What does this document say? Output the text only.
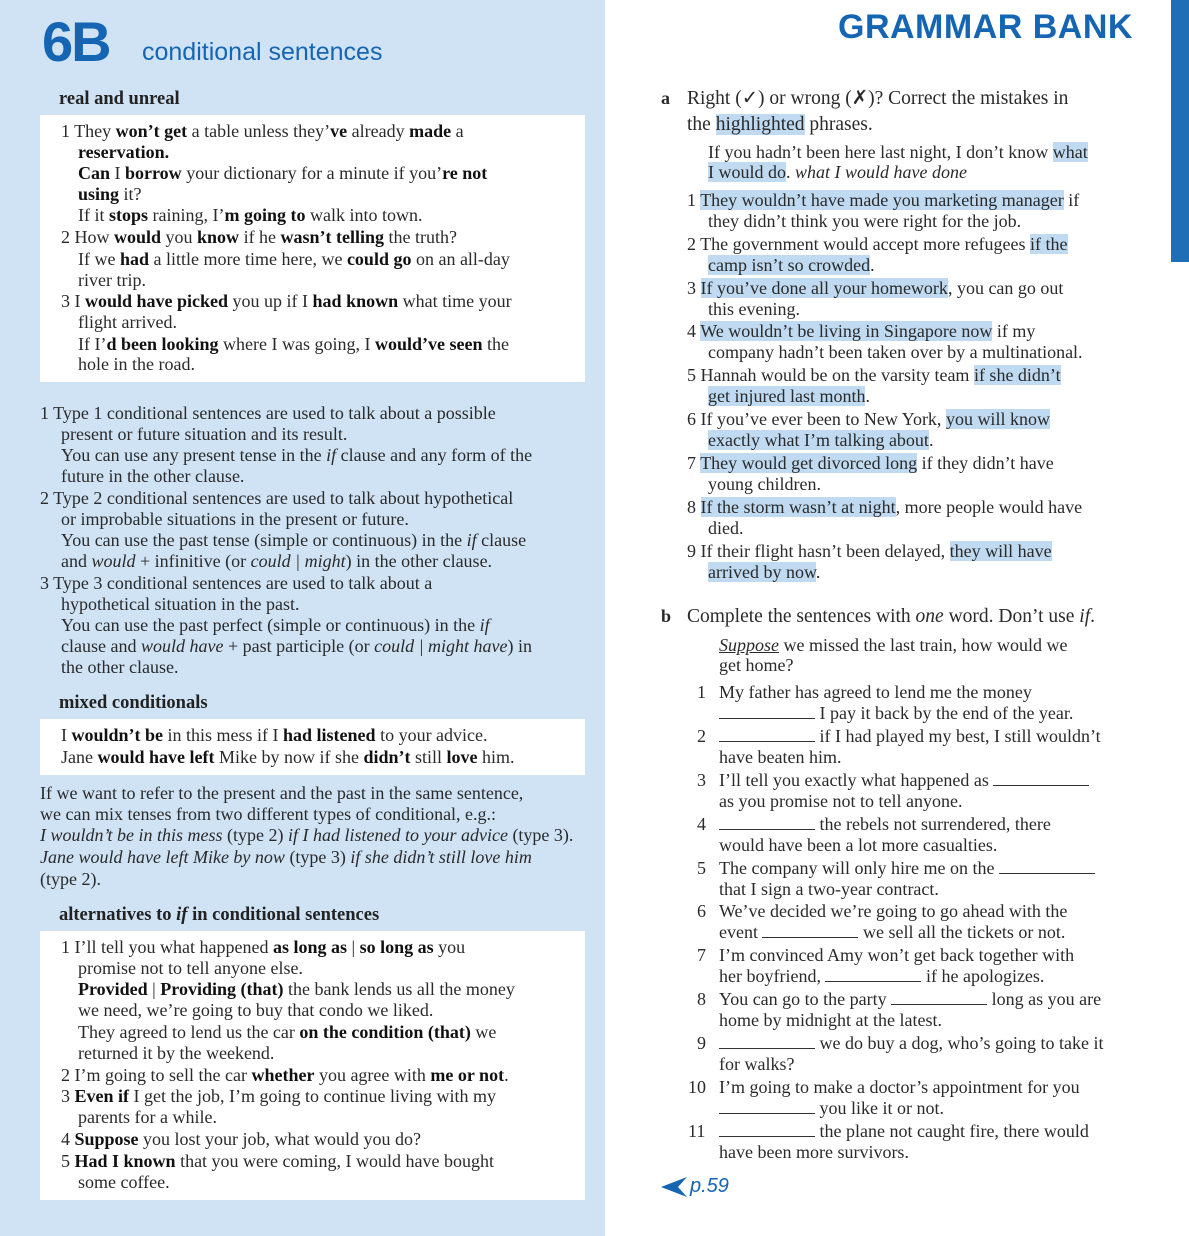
6B conditional sentences
GRAMMAR BANK
real and unreal
mixed conditionals
alternatives to if in conditional sentences
1 They won’t get a table unless they’ve already made a
reservation.
Can I borrow your dictionary for a minute if you’re not
using it?
If it stops raining, I’m going to walk into town.
2 How would you know if he wasn’t telling the truth?
If we had a little more time here, we could go on an all-day
river trip.
3 I would have picked you up if I had known what time your
flight arrived.
If I’d been looking where I was going, I would’ve seen the
hole in the road.
1 Type 1 conditional sentences are used to talk about a possible
present or future situation and its result.
You can use any present tense in the if clause and any form of the
future in the other clause.
2 Type 2 conditional sentences are used to talk about hypothetical
or improbable situations in the present or future.
You can use the past tense (simple or continuous) in the if clause
and would + infinitive (or could | might) in the other clause.
3 Type 3 conditional sentences are used to talk about a
hypothetical situation in the past.
You can use the past perfect (simple or continuous) in the if
clause and would have + past participle (or could | might have) in
the other clause.
I wouldn’t be in this mess if I had listened to your advice.
Jane would have left Mike by now if she didn’t still love him.
If we want to refer to the present and the past in the same sentence,
we can mix tenses from two different types of conditional, e.g.:
I wouldn’t be in this mess (type 2) if I had listened to your advice (type 3).
Jane would have left Mike by now (type 3) if she didn’t still love him
(type 2).
1 I’ll tell you what happened as long as | so long as you
promise not to tell anyone else.
Provided | Providing (that) the bank lends us all the money
we need, we’re going to buy that condo we liked.
They agreed to lend us the car on the condition (that) we
returned it by the weekend.
2 I’m going to sell the car whether you agree with me or not.
3 Even if I get the job, I’m going to continue living with my
parents for a while.
4 Suppose you lost your job, what would you do?
5 Had I known that you were coming, I would have bought
some coffee.
a Right (✓) or wrong (✗)? Correct the mistakes in
the highlighted phrases.
If you hadn’t been here last night, I don’t know what
I would do. what I would have done
1 They wouldn’t have made you marketing manager if
they didn’t think you were right for the job.
2 The government would accept more refugees if the
camp isn’t so crowded.
3 If you’ve done all your homework, you can go out
this evening.
4 We wouldn’t be living in Singapore now if my
company hadn’t been taken over by a multinational.
5 Hannah would be on the varsity team if she didn’t
get injured last month.
6 If you’ve ever been to New York, you will know
exactly what I’m talking about.
7 They would get divorced long if they didn’t have
young children.
8 If the storm wasn’t at night, more people would have
died.
9 If their flight hasn’t been delayed, they will have
arrived by now.
b Complete the sentences with one word. Don’t use if.
Suppose we missed the last train, how would we
get home?
1 My father has agreed to lend me the money
I pay it back by the end of the year.
2	if I had played my best, I still wouldn’t
have beaten him.
3 I’ll tell you exactly what happened as
as you promise not to tell anyone.
4	the rebels not surrendered, there
would have been a lot more casualties.
5 The company will only hire me on the
that I sign a two-year contract.
6 We’ve decided we’re going to go ahead with the
event	we sell all the tickets or not.
7 I’m convinced Amy won’t get back together with
her boyfriend,	if he apologizes.
8 You can go to the party	long as you are
home by midnight at the latest.
9	we do buy a dog, who’s going to take it
for walks?
10 I’m going to make a doctor’s appointment for you
you like it or not.
11	the plane not caught fire, there would
have been more survivors.
p.59
